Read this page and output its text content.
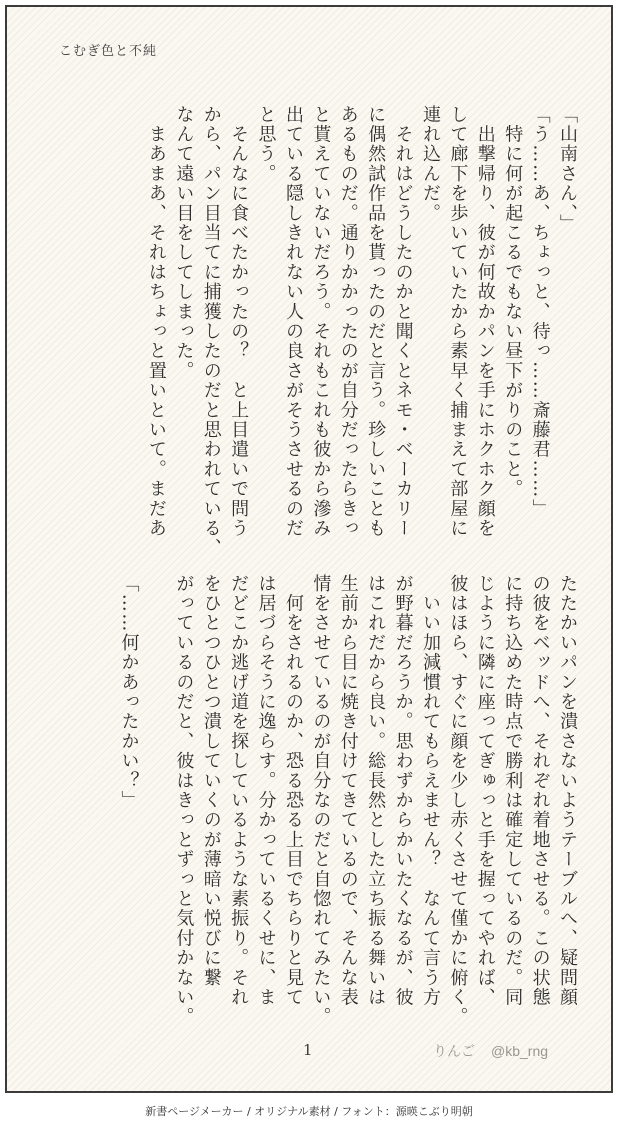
こむぎ色と不純
「山南さん、」
「う……あ、ちょっと、待っ……斎藤君……」
　特に何が起こるでもない昼下がりのこと。
　出撃帰り、彼が何故かパンを手にホクホク顔を
して廊下を歩いていたから素早く捕まえて部屋に
連れ込んだ。
　それはどうしたのかと聞くとネモ・ベーカリー
に偶然試作品を貰ったのだと言う。珍しいことも
あるものだ。通りかかったのが自分だったらきっ
と貰えていないだろう。それもこれも彼から滲み
出ている隠しきれない人の良さがそうさせるのだ
と思う。
　そんなに食べたかったの？　と上目遣いで問う
から、パン目当てに捕獲したのだと思われている、
なんて遠い目をしてしまった。
　まあまあ、それはちょっと置いといて。まだあ
たたかいパンを潰さないようテーブルへ、疑問顔
の彼をベッドへ、それぞれ着地させる。この状態
に持ち込めた時点で勝利は確定しているのだ。同
じように隣に座ってぎゅっと手を握ってやれば、
彼はほら、すぐに顔を少し赤くさせて僅かに俯く。
　いい加減慣れてもらえません？　なんて言う方
が野暮だろうか。思わずからかいたくなるが、彼
はこれだから良い。総長然とした立ち振る舞いは
生前から目に焼き付けてきているので、そんな表
情をさせているのが自分なのだと自惚れてみたい。
　何をされるのか、恐る恐る上目でちらりと見て
は居づらそうに逸らす。分かっているくせに、ま
だどこか逃げ道を探しているような素振り。それ
をひとつひとつ潰していくのが薄暗い悦びに繋
がっているのだと、彼はきっとずっと気付かない。

「……何かあったかい？」
1	りんご @kb_rng
新書ページメーカー / オリジナル素材 / フォント：源暎こぶり明朝
